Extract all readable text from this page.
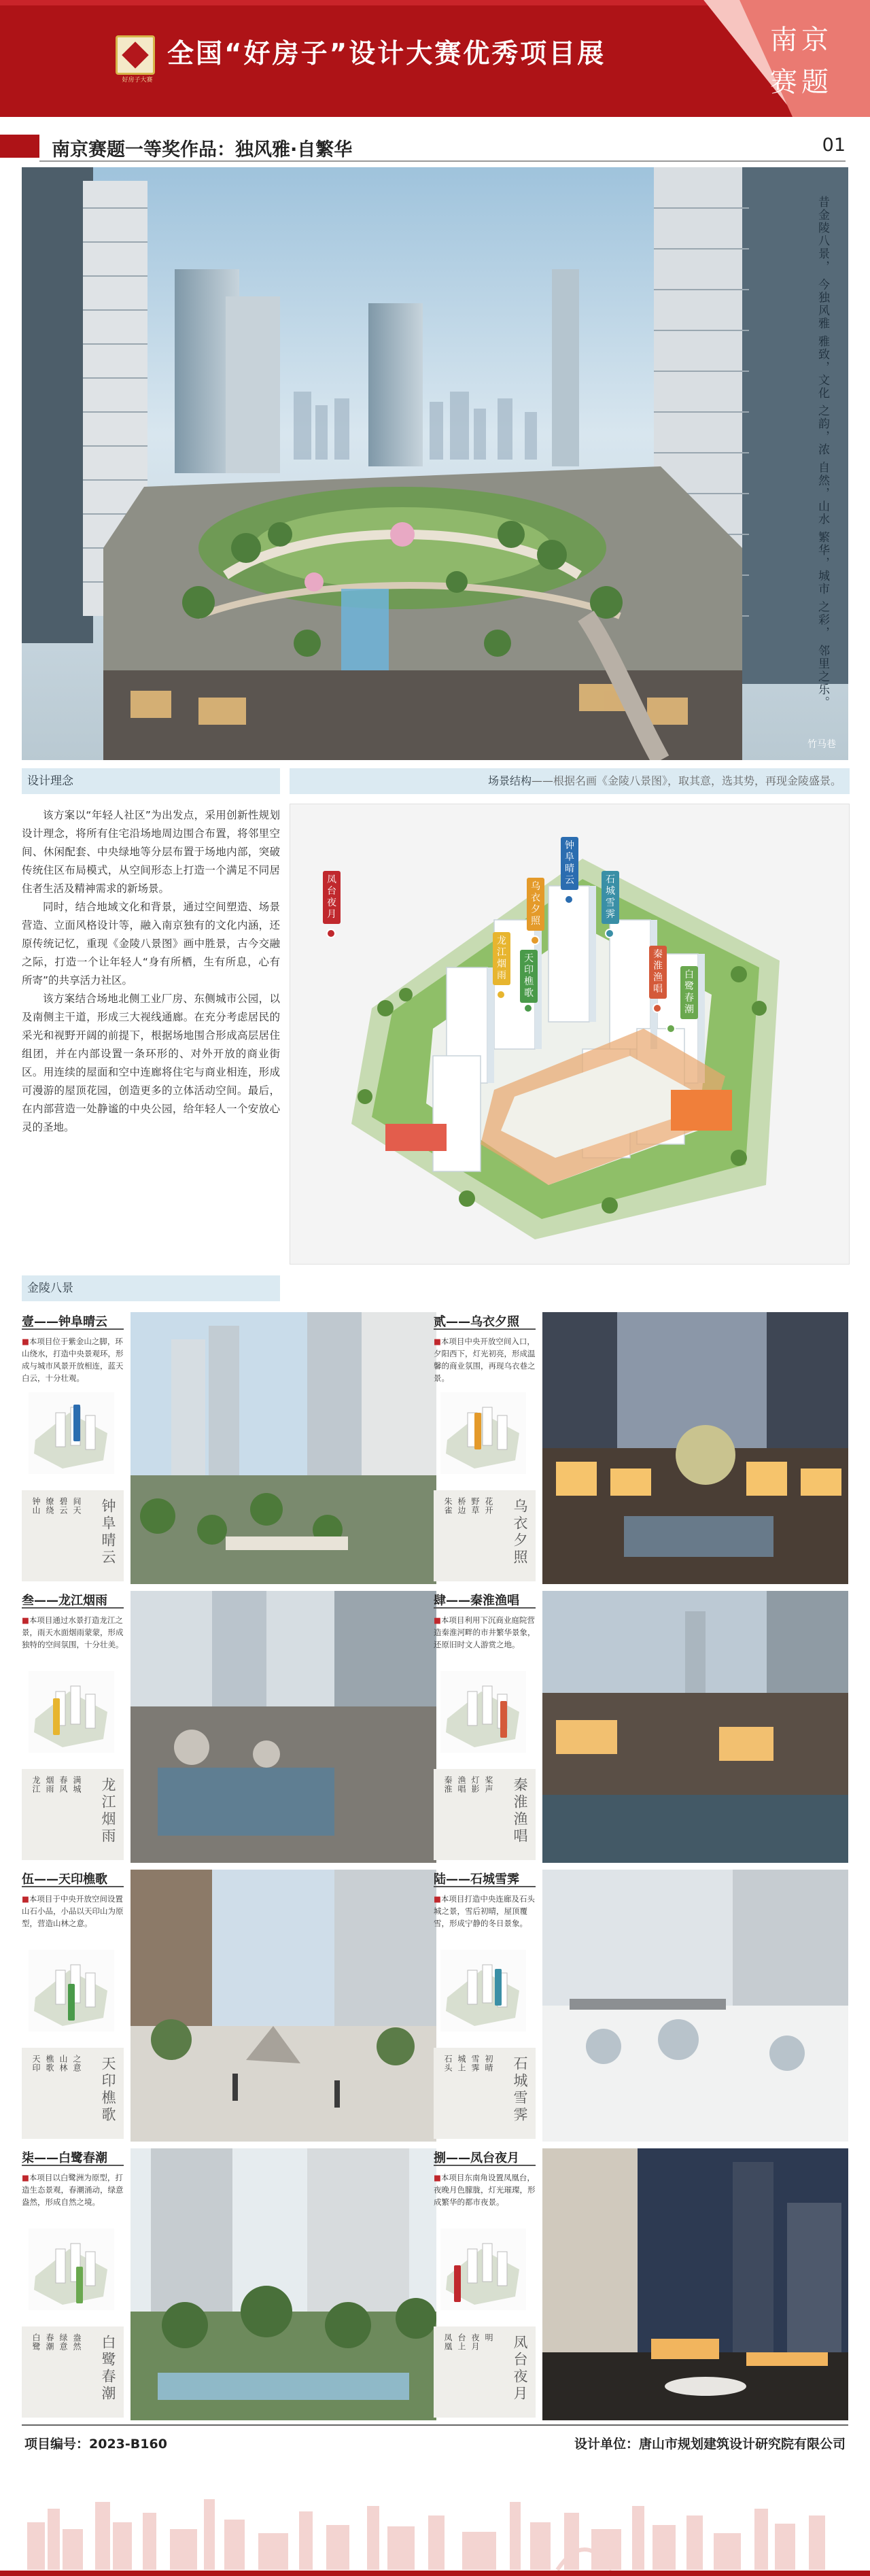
好房子大赛
全国“好房子”设计大赛优秀项目展	南京赛题
南京赛题一等奖作品：独风雅·自繁华	01
昔金陵八景， 今独风雅 雅致，文化 之韵，浓 自然，山水 繁华，城市 之彩， 邻里之乐。
竹马巷
设计理念	场景结构——根据名画《金陵八景图》，取其意，选其势，再现金陵盛景。

该方案以“年轻人社区”为出发点，采用创新性规划设计理念，将所有住宅沿场地周边围合布置，将邻里空间、休闲配套、中央绿地等分层布置于场地内部，突破传统住区布局模式，从空间形态上打造一个满足不同居住者生活及精神需求的新场景。

同时，结合地域文化和背景，通过空间塑造、场景营造、立面风格设计等，融入南京独有的文化内涵，还原传统记忆，重现《金陵八景图》画中胜景，古今交融之际，打造一个让年轻人“身有所栖，生有所息，心有所寄”的共享活力社区。

该方案结合场地北侧工业厂房、东侧城市公园，以及南侧主干道，形成三大视线通廊。在充分考虑居民的采光和视野开阔的前提下，根据场地围合形成高层居住组团，并在内部设置一条环形的、对外开放的商业街区。用连续的屋面和空中连廊将住宅与商业相连，形成可漫游的屋顶花园，创造更多的立体活动空间。最后，在内部营造一处静谧的中央公园，给年轻人一个安放心灵的圣地。

凤台夜月
钟阜晴云
乌衣夕照
石城雪霁
龙江烟雨
天印樵歌
秦淮渔唱
白鹭春潮
金陵八景
壹——钟阜晴云
■本项目位于紫金山之脚，环山绕水，打造中央景观环，形成与城市风景开放相连，蓝天白云，十分壮观。
钟山 缭绕 碧云 间天 钟阜晴云
贰——乌衣夕照
■本项目中央开放空间入口，夕阳西下，灯光初亮，形成温馨的商业氛围，再现乌衣巷之景。
朱雀 桥边 野草 花开 乌衣夕照
叁——龙江烟雨
■本项目通过水景打造龙江之景，雨天水面烟雨蒙蒙，形成独特的空间氛围，十分壮美。
龙江 烟雨 春风 满城 龙江烟雨
肆——秦淮渔唱
■本项目利用下沉商业庭院营造秦淮河畔的市井繁华景象，还原旧时文人游赏之地。
秦淮 渔唱 灯影 桨声 秦淮渔唱
伍——天印樵歌
■本项目于中央开放空间设置山石小品，小品以天印山为原型，营造山林之意。
天印 樵歌 山林 之意 天印樵歌
陆——石城雪霁
■本项目打造中央连廊及石头城之景，雪后初晴，屋顶覆雪，形成宁静的冬日景象。
石头 城上 雪霁 初晴 石城雪霁
柒——白鹭春潮
■本项目以白鹭洲为原型，打造生态景观，春潮涌动，绿意盎然，形成自然之境。
白鹭 春潮 绿意 盎然 白鹭春潮
捌——凤台夜月
■本项目东南角设置凤凰台，夜晚月色朦胧，灯光璀璨，形成繁华的都市夜景。
凤凰 台上 夜月 明 凤台夜月
项目编号：2023-B160	设计单位：唐山市规划建筑设计研究院有限公司
